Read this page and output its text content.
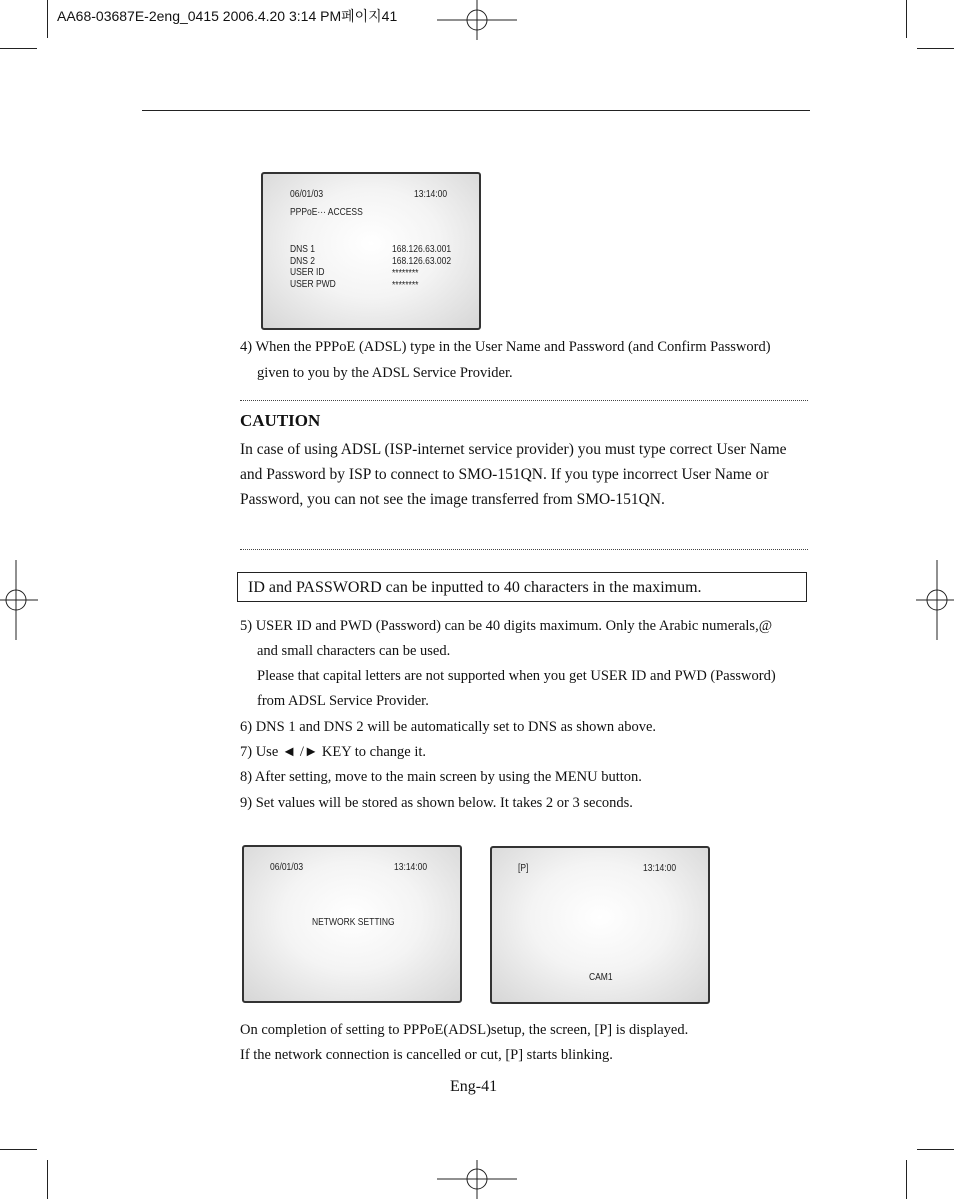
AA68-03687E-2eng_0415 2006.4.20 3:14 PM페이지41
06/01/03	13:14:00
PPPoE··· ACCESS
DNS 1	168.126.63.001
DNS 2	168.126.63.002
USER ID	********
USER PWD	********
4) When the PPPoE (ADSL) type in the User Name and Password (and Confirm Password)
given to you by the ADSL Service Provider.
CAUTION
In case of using ADSL (ISP-internet service provider) you must type correct User Name
and Password by ISP to connect to SMO-151QN. If you type incorrect User Name or
Password, you can not see the image transferred from SMO-151QN.
ID and PASSWORD can be inputted to 40 characters in the maximum.
5) USER ID and PWD (Password) can be 40 digits maximum. Only the Arabic numerals,@
and small characters can be used.
Please that capital letters are not supported when you get USER ID and PWD (Password)
from ADSL Service Provider.
6) DNS 1 and DNS 2 will be automatically set to DNS as shown above.
7) Use ◄ /► KEY to change it.
8) After setting, move to the main screen by using the MENU button.
9) Set values will be stored as shown below. It takes 2 or 3 seconds.
06/01/03	13:14:00
NETWORK SETTING
[P]	13:14:00
CAM1
On completion of setting to PPPoE(ADSL)setup, the screen, [P] is displayed.
If the network connection is cancelled or cut, [P] starts blinking.
Eng-41
